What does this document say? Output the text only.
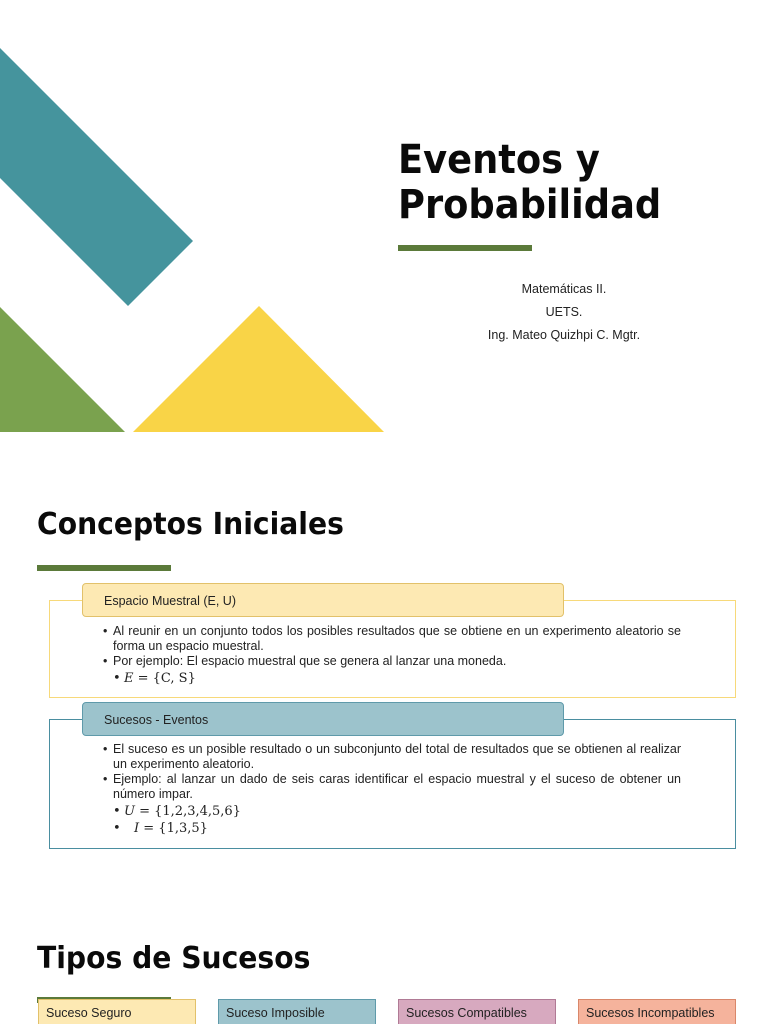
Eventos y
Probabilidad
Matemáticas II.
UETS.
Ing. Mateo Quizhpi C. Mgtr.
Conceptos Iniciales
Espacio Muestral (E, U)
• Al reunir en un conjunto todos los posibles resultados que se obtiene en un experimento aleatorio se forma un espacio muestral.
• Por ejemplo: El espacio muestral que se genera al lanzar una moneda.
• E = {C, S}
Sucesos - Eventos
• El suceso es un posible resultado o un subconjunto del total de resultados que se obtienen al realizar un experimento aleatorio.
• Ejemplo: al lanzar un dado de seis caras identificar el espacio muestral y el suceso de obtener un número impar.
• U = {1,2,3,4,5,6}
• I = {1,3,5}
Tipos de Sucesos
Suceso Seguro	Suceso Imposible	Sucesos Compatibles	Sucesos Incompatibles
